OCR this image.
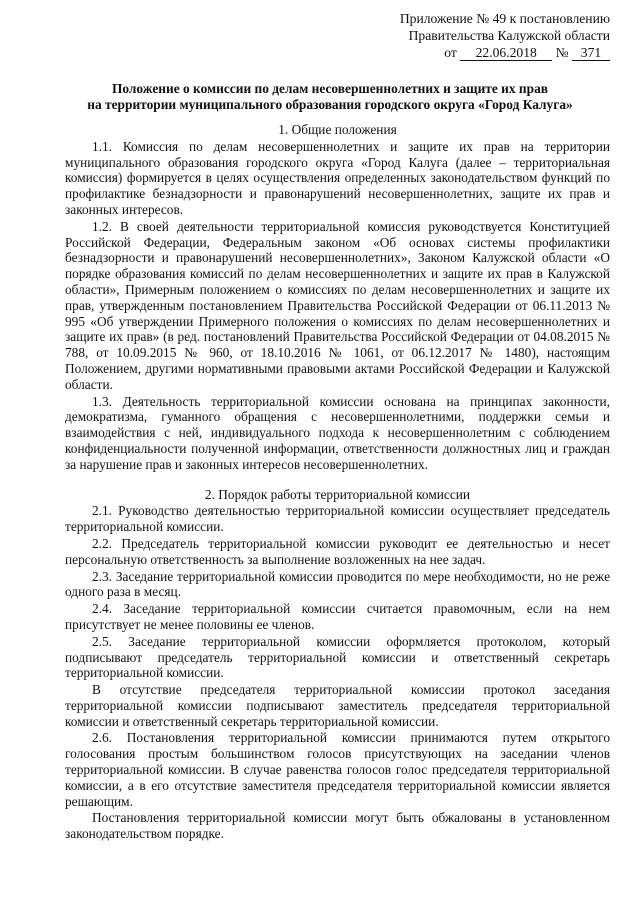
Приложение № 49 к постановлению
Правительства Калужской области
от 22.06.2018 № 371
Положение о комиссии по делам несовершеннолетних и защите их прав
на территории муниципального образования городского округа «Город Калуга»
1. Общие положения

1.1. Комиссия по делам несовершеннолетних и защите их прав на территории муниципального образования городского округа «Город Калуга (далее – территориальная комиссия) формируется в целях осуществления определенных законодательством функций по профилактике безнадзорности и правонарушений несовершеннолетних, защите их прав и законных интересов.

1.2. В своей деятельности территориальной комиссия руководствуется Конституцией Российской Федерации, Федеральным законом «Об основах системы профилактики безнадзорности и правонарушений несовершеннолетних», Законом Калужской области «О порядке образования комиссий по делам несовершеннолетних и защите их прав в Калужской области», Примерным положением о комиссиях по делам несовершеннолетних и защите их прав, утвержденным постановлением Правительства Российской Федерации от 06.11.2013 № 995 «Об утверждении Примерного положения о комиссиях по делам несовершеннолетних и защите их прав» (в ред. постановлений Правительства Российской Федерации от 04.08.2015 № 788, от 10.09.2015 № 960, от 18.10.2016 № 1061, от 06.12.2017 № 1480), настоящим Положением, другими нормативными правовыми актами Российской Федерации и Калужской области.

1.3. Деятельность территориальной комиссии основана на принципах законности, демократизма, гуманного обращения с несовершеннолетними, поддержки семьи и взаимодействия с ней, индивидуального подхода к несовершеннолетним с соблюдением конфиденциальности полученной информации, ответственности должностных лиц и граждан за нарушение прав и законных интересов несовершеннолетних.

2. Порядок работы территориальной комиссии

2.1. Руководство деятельностью территориальной комиссии осуществляет председатель территориальной комиссии.

2.2. Председатель территориальной комиссии руководит ее деятельностью и несет персональную ответственность за выполнение возложенных на нее задач.

2.3. Заседание территориальной комиссии проводится по мере необходимости, но не реже одного раза в месяц.

2.4. Заседание территориальной комиссии считается правомочным, если на нем присутствует не менее половины ее членов.

2.5. Заседание территориальной комиссии оформляется протоколом, который подписывают председатель территориальной комиссии и ответственный секретарь территориальной комиссии.

В отсутствие председателя территориальной комиссии протокол заседания территориальной комиссии подписывают заместитель председателя территориальной комиссии и ответственный секретарь территориальной комиссии.

2.6. Постановления территориальной комиссии принимаются путем открытого голосования простым большинством голосов присутствующих на заседании членов территориальной комиссии. В случае равенства голосов голос председателя территориальной комиссии, а в его отсутствие заместителя председателя территориальной комиссии является решающим.

Постановления территориальной комиссии могут быть обжалованы в установленном законодательством порядке.
